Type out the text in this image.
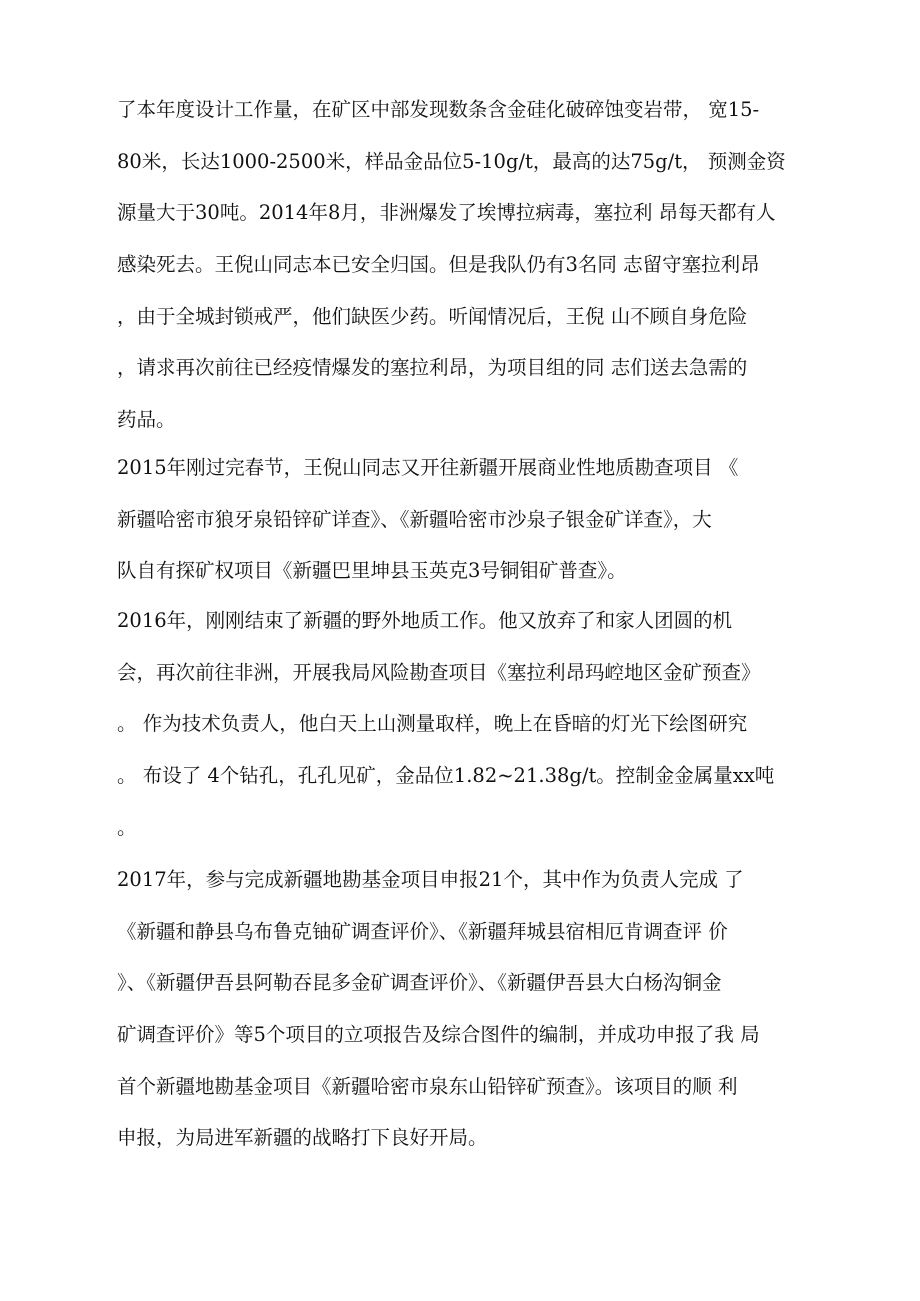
了本年度设计工作量，在矿区中部发现数条含金硅化破碎蚀变岩带， 宽15-
80米，长达1000-2500米，样品金品位5-10g/t，最高的达75g/t， 预测金资
源量大于30吨。2014年8月，非洲爆发了埃博拉病毒，塞拉利 昂每天都有人
感染死去。王倪山同志本已安全归国。但是我队仍有3名同 志留守塞拉利昂
，由于全城封锁戒严，他们缺医少药。听闻情况后，王倪 山不顾自身危险
，请求再次前往已经疫情爆发的塞拉利昂，为项目组的同 志们送去急需的
药品。
2015年刚过完春节，王倪山同志又开往新疆开展商业性地质勘查项目 《
新疆哈密市狼牙泉铅锌矿详查》、《新疆哈密市沙泉子银金矿详查》，大
队自有探矿权项目《新疆巴里坤县玉英克3号铜钼矿普查》。
2016年，刚刚结束了新疆的野外地质工作。他又放弃了和家人团圆的机
会，再次前往非洲，开展我局风险勘查项目《塞拉利昂玛崆地区金矿预查》
。 作为技术负责人，他白天上山测量取样，晚上在昏暗的灯光下绘图研究
。 布设了 4个钻孔，孔孔见矿，金品位1.82~21.38g/t。控制金金属量xx吨
。
2017年，参与完成新疆地勘基金项目申报21个，其中作为负责人完成 了
《新疆和静县乌布鲁克铀矿调查评价》、《新疆拜城县宿相厄肯调查评 价
》、《新疆伊吾县阿勒吞昆多金矿调查评价》、《新疆伊吾县大白杨沟铜金
矿调查评价》等5个项目的立项报告及综合图件的编制，并成功申报了我 局
首个新疆地勘基金项目《新疆哈密市泉东山铅锌矿预查》。该项目的顺 利
申报，为局进军新疆的战略打下良好开局。
